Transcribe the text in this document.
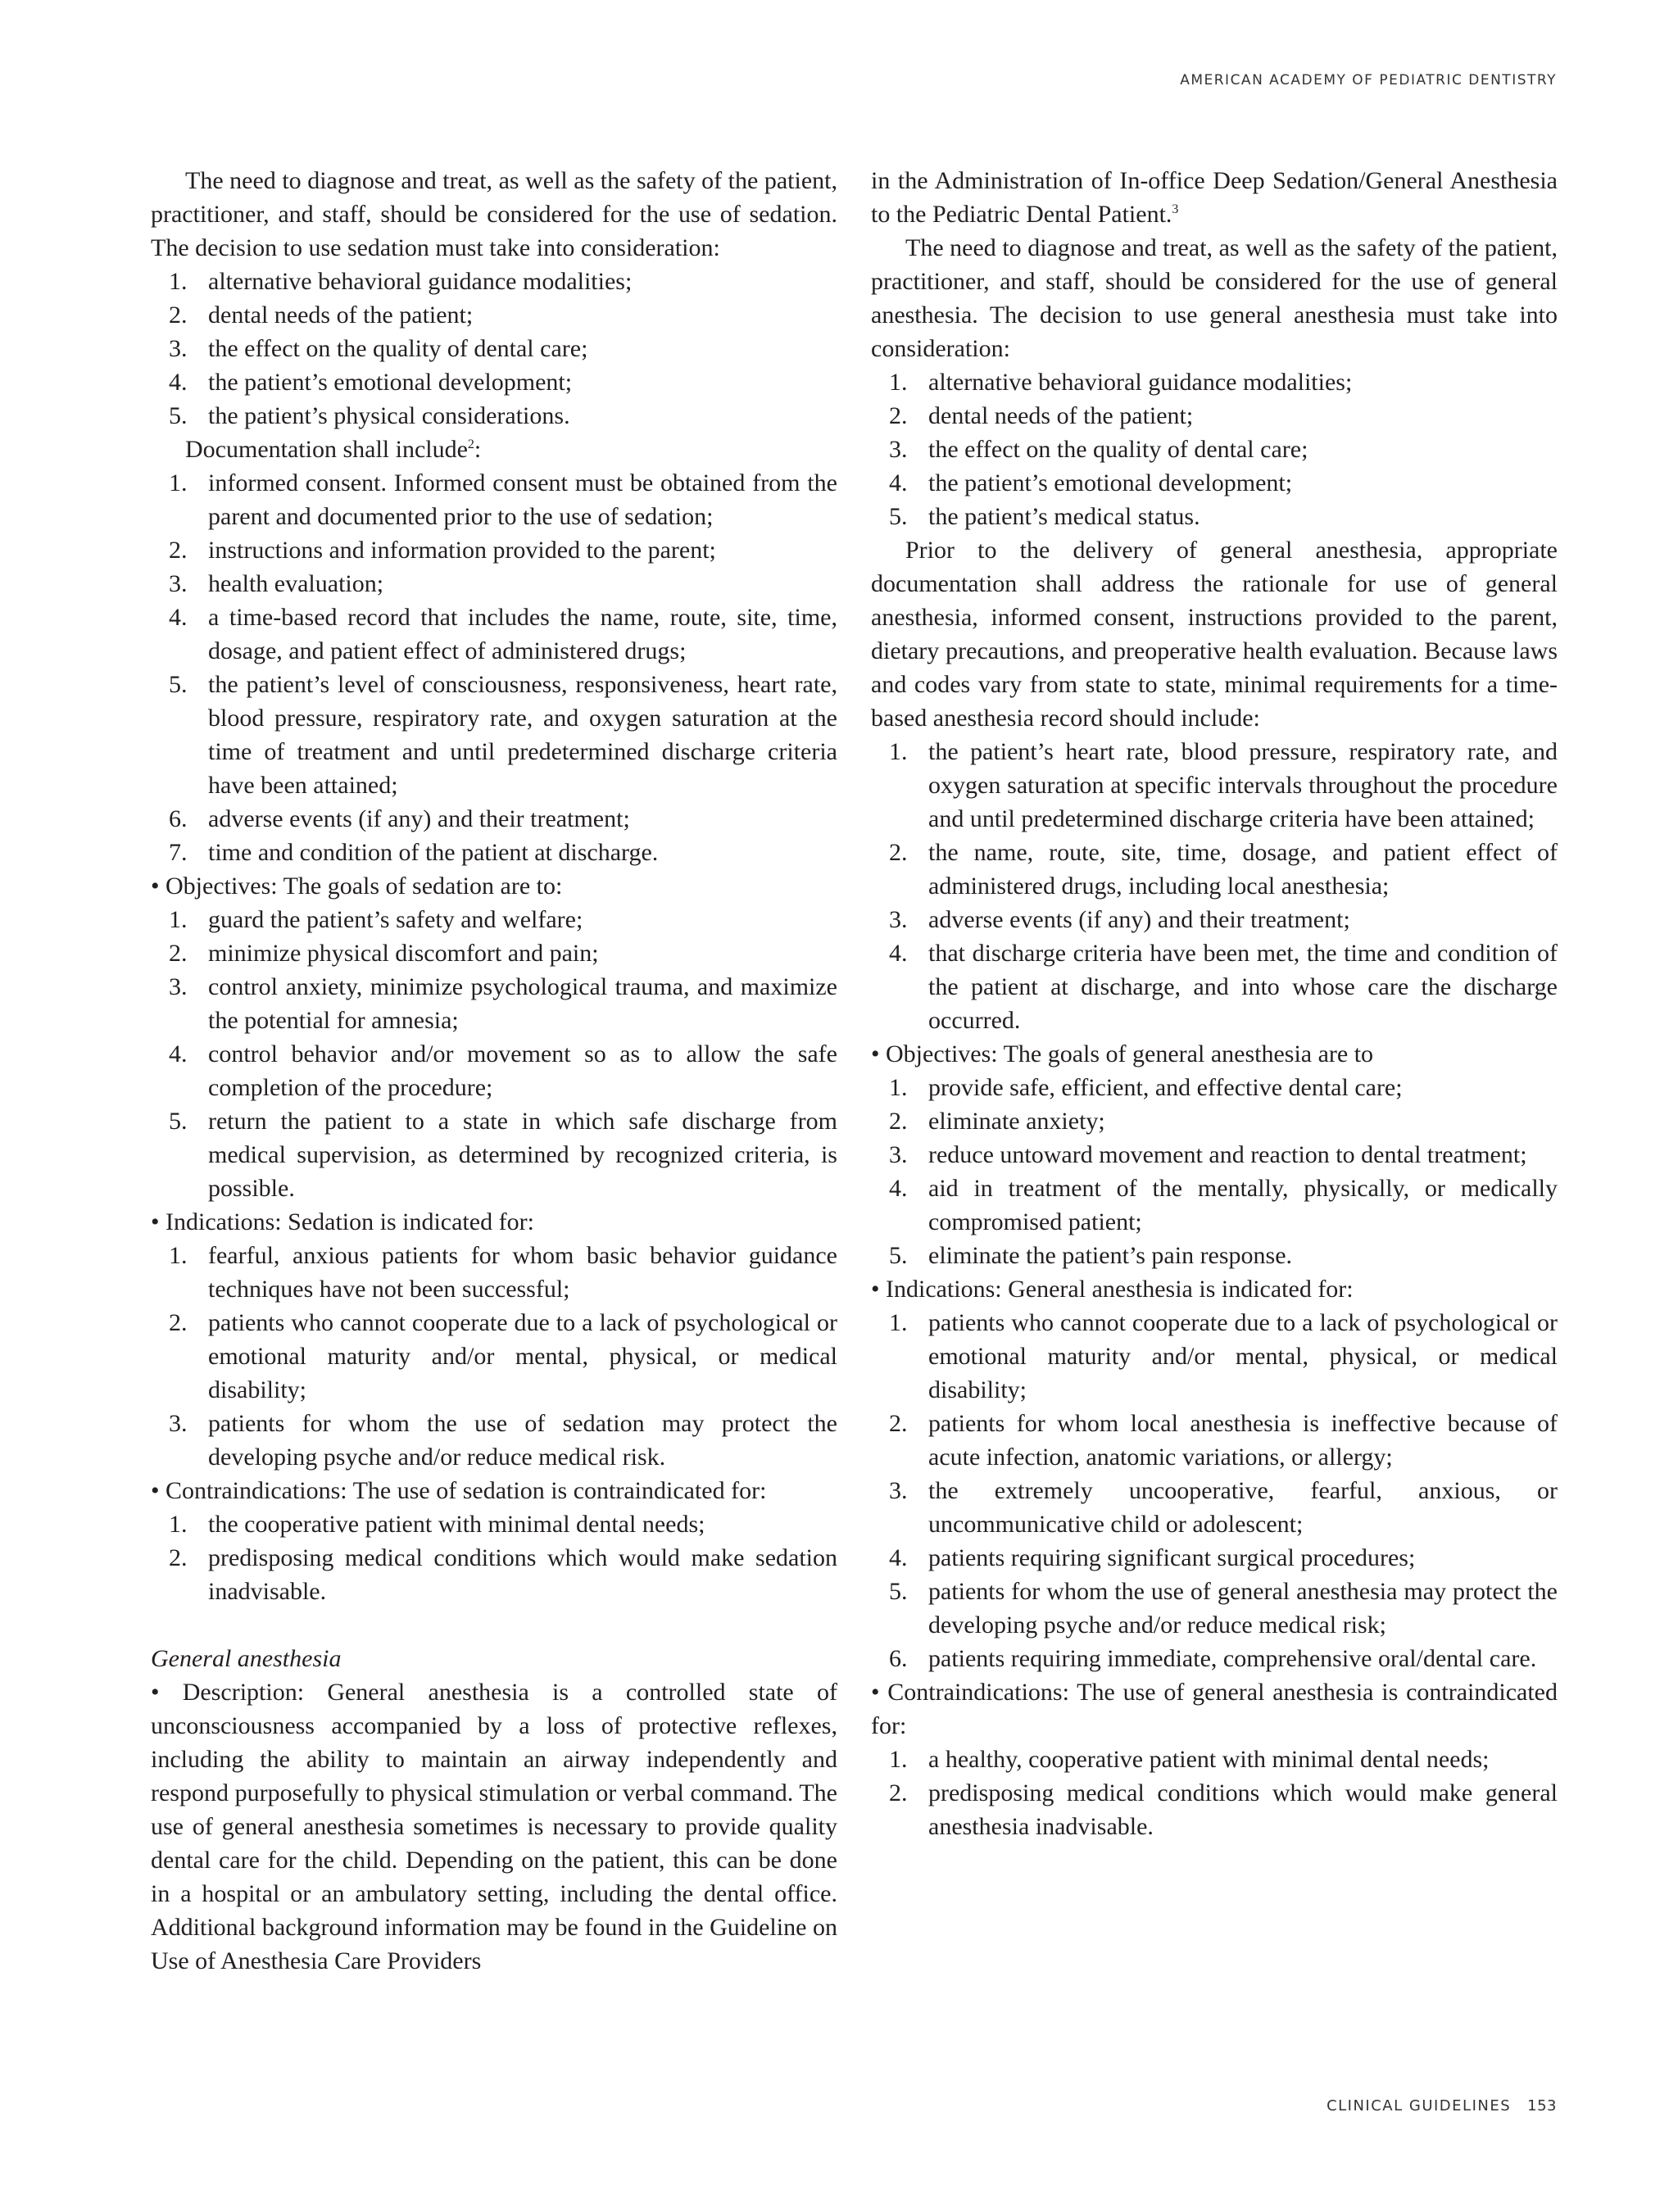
AMERICAN ACADEMY OF PEDIATRIC DENTISTRY

The need to diagnose and treat, as well as the safety of the patient, practitioner, and staff, should be considered for the use of sedation. The decision to use sedation must take into consideration:

1. alternative behavioral guidance modalities;
2. dental needs of the patient;
3. the effect on the quality of dental care;
4. the patient’s emotional development;
5. the patient’s physical considerations.

Documentation shall include$^2$:

1. informed consent. Informed consent must be obtained from the parent and documented prior to the use of sedation;
2. instructions and information provided to the parent;
3. health evaluation;
4. a time-based record that includes the name, route, site, time, dosage, and patient effect of administered drugs;
5. the patient’s level of consciousness, responsiveness, heart rate, blood pressure, respiratory rate, and oxygen saturation at the time of treatment and until predetermined discharge criteria have been attained;
6. adverse events (if any) and their treatment;
7. time and condition of the patient at discharge.

• Objectives: The goals of sedation are to:

1. guard the patient’s safety and welfare;
2. minimize physical discomfort and pain;
3. control anxiety, minimize psychological trauma, and maximize the potential for amnesia;
4. control behavior and/or movement so as to allow the safe completion of the procedure;
5. return the patient to a state in which safe discharge from medical supervision, as determined by recognized criteria, is possible.

• Indications: Sedation is indicated for:

1. fearful, anxious patients for whom basic behavior guidance techniques have not been successful;
2. patients who cannot cooperate due to a lack of psychological or emotional maturity and/or mental, physical, or medical disability;
3. patients for whom the use of sedation may protect the developing psyche and/or reduce medical risk.

• Contraindications: The use of sedation is contraindicated for:

1. the cooperative patient with minimal dental needs;
2. predisposing medical conditions which would make sedation inadvisable.

General anesthesia

• Description: General anesthesia is a controlled state of unconsciousness accompanied by a loss of protective reflexes, including the ability to maintain an airway independently and respond purposefully to physical stimulation or verbal command. The use of general anesthesia sometimes is necessary to provide quality dental care for the child. Depending on the patient, this can be done in a hospital or an ambulatory setting, including the dental office. Additional background information may be found in the Guideline on Use of Anesthesia Care Providers

in the Administration of In-office Deep Sedation/General Anesthesia to the Pediatric Dental Patient.$^3$

The need to diagnose and treat, as well as the safety of the patient, practitioner, and staff, should be considered for the use of general anesthesia. The decision to use general anesthesia must take into consideration:

1. alternative behavioral guidance modalities;
2. dental needs of the patient;
3. the effect on the quality of dental care;
4. the patient’s emotional development;
5. the patient’s medical status.

Prior to the delivery of general anesthesia, appropriate documentation shall address the rationale for use of general anesthesia, informed consent, instructions provided to the parent, dietary precautions, and preoperative health evaluation. Because laws and codes vary from state to state, minimal requirements for a time-based anesthesia record should include:

1. the patient’s heart rate, blood pressure, respiratory rate, and oxygen saturation at specific intervals throughout the procedure and until predetermined discharge criteria have been attained;
2. the name, route, site, time, dosage, and patient effect of administered drugs, including local anesthesia;
3. adverse events (if any) and their treatment;
4. that discharge criteria have been met, the time and condition of the patient at discharge, and into whose care the discharge occurred.

• Objectives: The goals of general anesthesia are to

1. provide safe, efficient, and effective dental care;
2. eliminate anxiety;
3. reduce untoward movement and reaction to dental treatment;
4. aid in treatment of the mentally, physically, or medically compromised patient;
5. eliminate the patient’s pain response.

• Indications: General anesthesia is indicated for:

1. patients who cannot cooperate due to a lack of psychological or emotional maturity and/or mental, physical, or medical disability;
2. patients for whom local anesthesia is ineffective because of acute infection, anatomic variations, or allergy;
3. the extremely uncooperative, fearful, anxious, or uncommunicative child or adolescent;
4. patients requiring significant surgical procedures;
5. patients for whom the use of general anesthesia may protect the developing psyche and/or reduce medical risk;
6. patients requiring immediate, comprehensive oral/dental care.

• Contraindications: The use of general anesthesia is contraindicated for:

1. a healthy, cooperative patient with minimal dental needs;
2. predisposing medical conditions which would make general anesthesia inadvisable.
CLINICAL GUIDELINES 153
